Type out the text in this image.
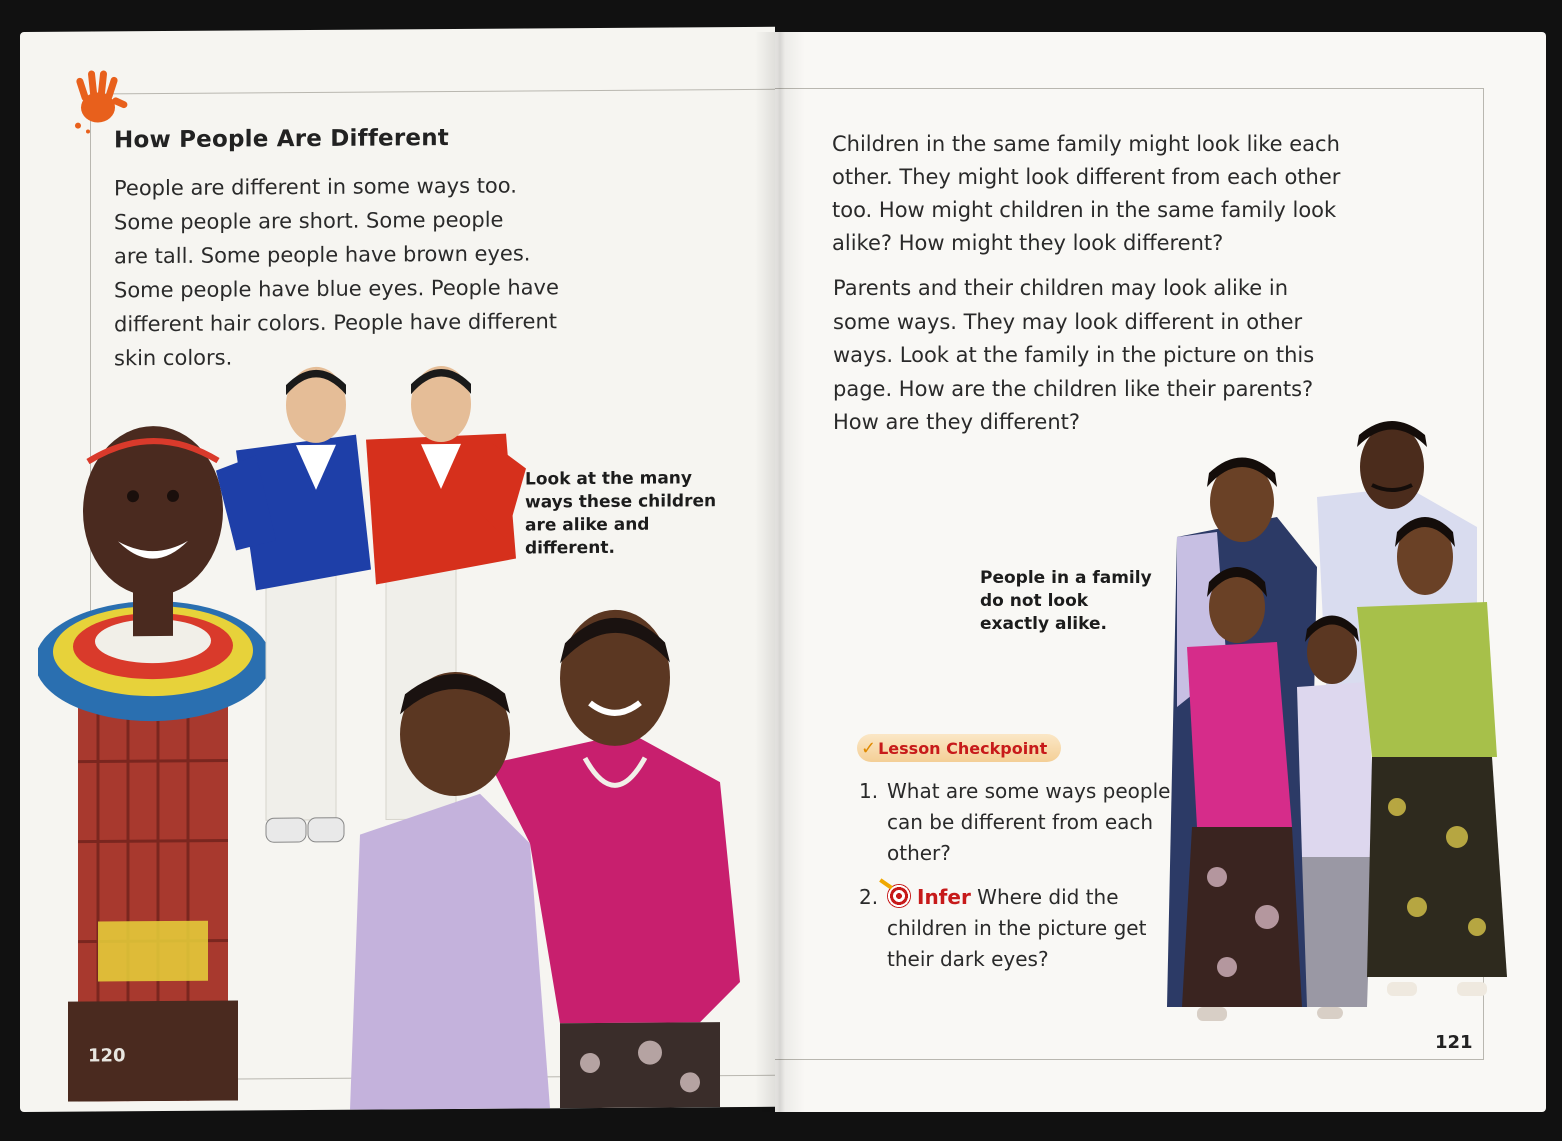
How People Are Different
People are different in some ways too.
Some people are short. Some people
are tall. Some people have brown eyes.
Some people have blue eyes. People have
different hair colors. People have different
skin colors.
Look at the many
ways these children
are alike and
different.
120
Children in the same family might look like each
other. They might look different from each other
too. How might children in the same family look
alike? How might they look different?
Parents and their children may look alike in
some ways. They may look different in other
ways. Look at the family in the picture on this
page. How are the children like their parents?
How are they different?
People in a family
do not look
exactly alike.
✓ Lesson Checkpoint
1. What are some ways people can be different from each other?
2.	Infer Where did the children in the picture get their dark eyes?
121
